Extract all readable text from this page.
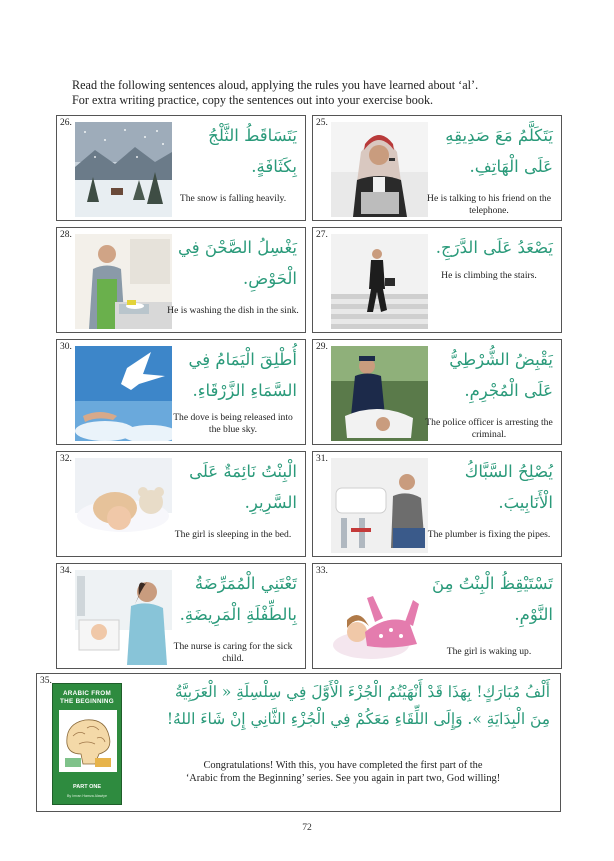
Read the following sentences aloud, applying the rules you have learned about ‘al’.

For extra writing practice, copy the sentences out into your exercise book.

26.
يَتَسَاقَطُ الثَّلْجُ
بِكَثَافَةٍ.
The snow is falling heavily.
25.
يَتَكَلَّمُ مَعَ صَدِيقِهِ
عَلَى الْهَاتِفِ.
He is talking to his friend on the telephone.
28.
يَغْسِلُ الصَّحْنَ فِي
الْحَوْضِ.
He is washing the dish in the sink.
27.
يَصْعَدُ عَلَى الدَّرَجِ.
He is climbing the stairs.
30.
أُطْلِقَ الْيَمَامُ فِي
السَّمَاءِ الزَّرْقَاءِ.
The dove is being released into the blue sky.
29.
يَقْبِضُ الشُّرْطِيُّ
عَلَى الْمُجْرِمِ.
The police officer is arresting the criminal.
32.
الْبِنْتُ نَائِمَةٌ عَلَى
السَّرِيرِ.
The girl is sleeping in the bed.
31.
يُصْلِحُ السَّبَّاكُ
الْأَنَابِيبَ.
The plumber is fixing the pipes.
34.
تَعْتَنِي الْمُمَرِّضَةُ
بِالطِّفْلَةِ الْمَرِيضَةِ.
The nurse is caring for the sick child.
33.
تَسْتَيْقِظُ الْبِنْتُ مِنَ
النَّوْمِ.
The girl is waking up.
35.
ARABIC FROM
THE BEGINNING
PART ONE
By Imran Hamza Alawiye
أَلْفُ مُبَارَكٍ! بِهَذَا قَدْ أَنْهَيْتُمُ الْجُزْءَ الْأَوَّلَ فِي سِلْسِلَةِ « الْعَرَبِيَّةُ
مِنَ الْبِدَايَةِ ». وَإِلَى اللِّقَاءِ مَعَكُمْ فِي الْجُزْءِ الثَّانِي إِنْ شَاءَ اللهُ!
Congratulations! With this, you have completed the first part of the
‘Arabic from the Beginning’ series. See you again in part two, God willing!
72
